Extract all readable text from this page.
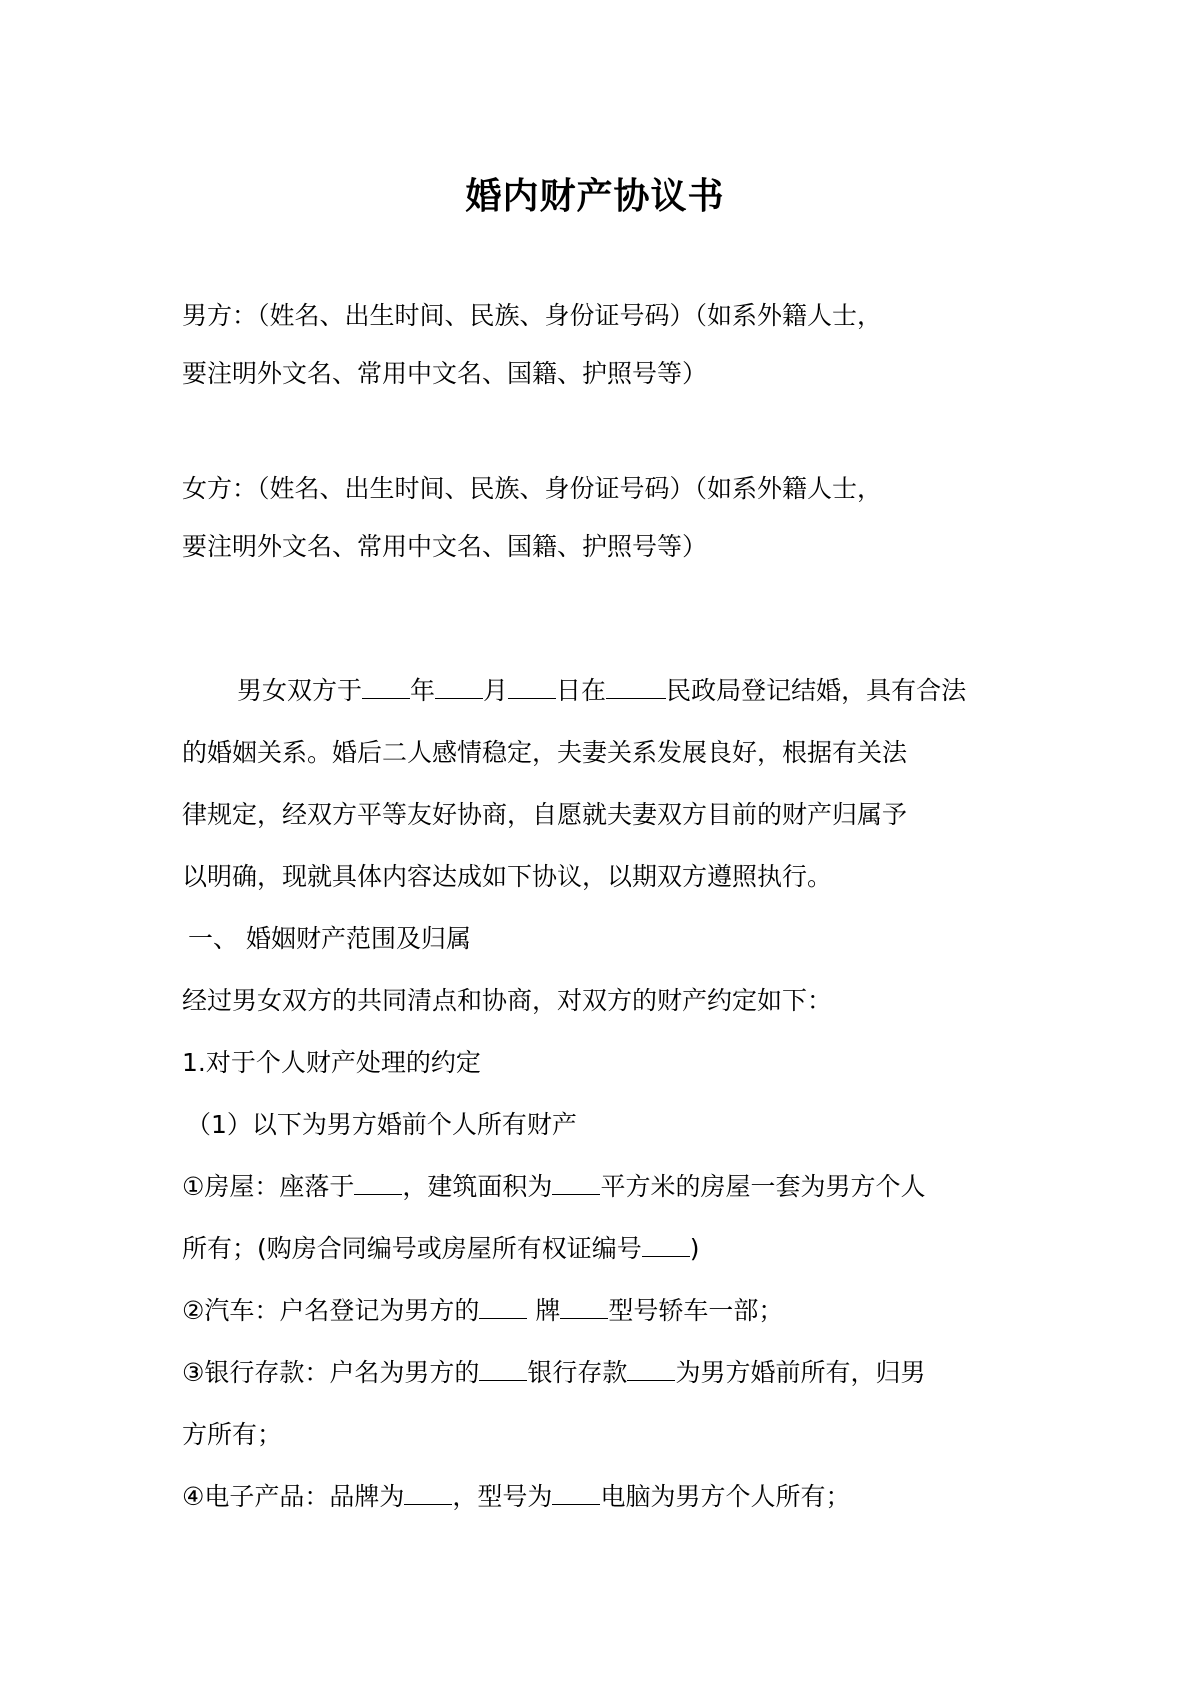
婚内财产协议书
男方：（姓名、出生时间、民族、身份证号码）（如系外籍人士，
要注明外文名、常用中文名、国籍、护照号等）
女方：（姓名、出生时间、民族、身份证号码）（如系外籍人士，
要注明外文名、常用中文名、国籍、护照号等）
男女双方于 年 月 日在 民政局登记结婚，具有合法
的婚姻关系。婚后二人感情稳定，夫妻关系发展良好，根据有关法
律规定，经双方平等友好协商，自愿就夫妻双方目前的财产归属予
以明确，现就具体内容达成如下协议，以期双方遵照执行。
一、 婚姻财产范围及归属
经过男女双方的共同清点和协商，对双方的财产约定如下：
1.对于个人财产处理的约定
（1）以下为男方婚前个人所有财产
①房屋：座落于 ，建筑面积为 平方米的房屋一套为男方个人
所有；(购房合同编号或房屋所有权证编号 )
②汽车：户名登记为男方的 牌 型号轿车一部；
③银行存款：户名为男方的 银行存款 为男方婚前所有，归男
方所有；
④电子产品：品牌为 ，型号为 电脑为男方个人所有；
